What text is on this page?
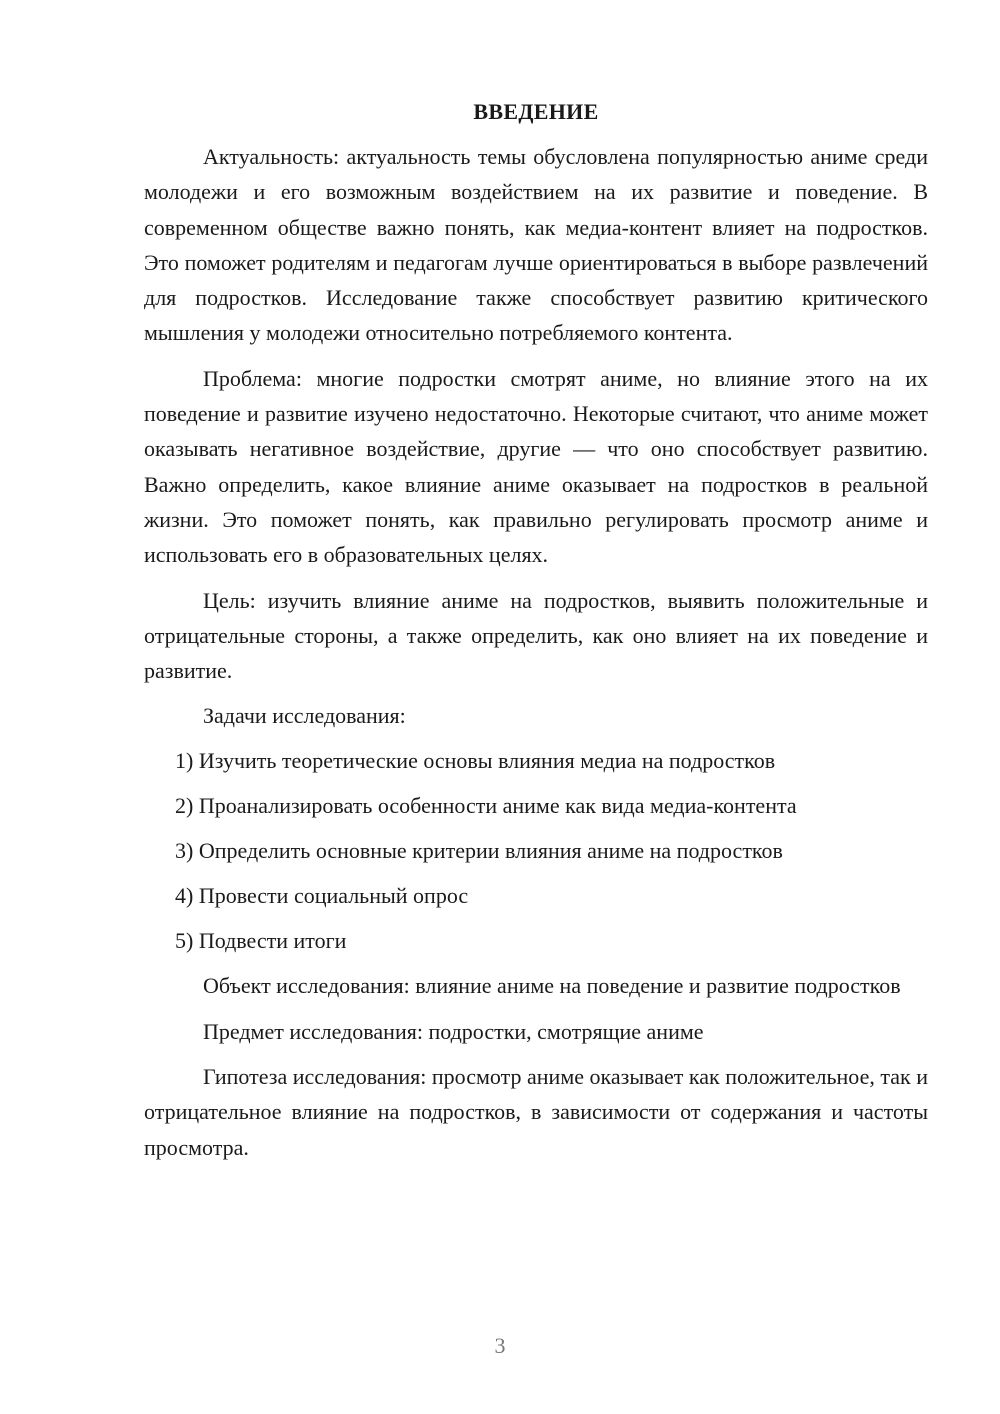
ВВЕДЕНИЕ

Актуальность: актуальность темы обусловлена популярностью аниме среди молодежи и его возможным воздействием на их развитие и поведение. В современном обществе важно понять, как медиа-контент влияет на подростков. Это поможет родителям и педагогам лучше ориентироваться в выборе развлечений для подростков. Исследование также способствует развитию критического мышления у молодежи относительно потребляемого контента.

Проблема: многие подростки смотрят аниме, но влияние этого на их поведение и развитие изучено недостаточно. Некоторые считают, что аниме может оказывать негативное воздействие, другие — что оно способствует развитию. Важно определить, какое влияние аниме оказывает на подростков в реальной жизни. Это поможет понять, как правильно регулировать просмотр аниме и использовать его в образовательных целях.

Цель: изучить влияние аниме на подростков, выявить положительные и отрицательные стороны, а также определить, как оно влияет на их поведение и развитие.

Задачи исследования:

1) Изучить теоретические основы влияния медиа на подростков

2) Проанализировать особенности аниме как вида медиа-контента

3) Определить основные критерии влияния аниме на подростков

4) Провести социальный опрос

5) Подвести итоги

Объект исследования: влияние аниме на поведение и развитие подростков

Предмет исследования: подростки, смотрящие аниме

Гипотеза исследования: просмотр аниме оказывает как положительное, так и отрицательное влияние на подростков, в зависимости от содержания и частоты просмотра.

3
